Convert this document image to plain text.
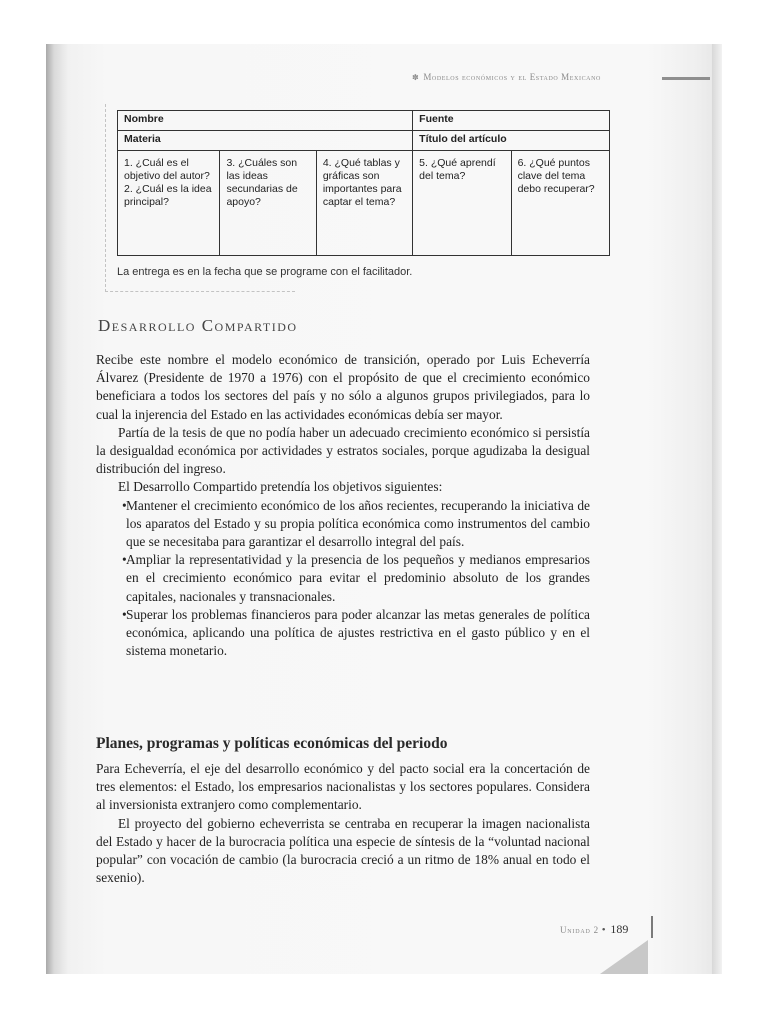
✽ Modelos económicos y el Estado Mexicano
Nombre			Fuente	
Materia			Título del artículo	

1. ¿Cuál es el objetivo del autor?
2. ¿Cuál es la idea principal?	3. ¿Cuáles son las ideas secundarias de apoyo?	4. ¿Qué tablas y gráficas son importantes para captar el tema?	5. ¿Qué aprendí del tema?	6. ¿Qué puntos clave del tema debo recuperar?
La entrega es en la fecha que se programe con el facilitador.
Desarrollo Compartido

Recibe este nombre el modelo económico de transición, operado por Luis Echeverría Álvarez (Presidente de 1970 a 1976) con el propósito de que el crecimiento económico beneficiara a todos los sectores del país y no sólo a algunos grupos privilegiados, para lo cual la injerencia del Estado en las actividades económicas debía ser mayor.

Partía de la tesis de que no podía haber un adecuado crecimiento económico si persistía la desigualdad económica por actividades y estratos sociales, porque agudizaba la desigual distribución del ingreso.

El Desarrollo Compartido pretendía los objetivos siguientes:

• Mantener el crecimiento económico de los años recientes, recuperando la iniciativa de los aparatos del Estado y su propia política económica como instrumentos del cambio que se necesitaba para garantizar el desarrollo integral del país.
• Ampliar la representatividad y la presencia de los pequeños y medianos empresarios en el crecimiento económico para evitar el predominio absoluto de los grandes capitales, nacionales y transnacionales.
• Superar los problemas financieros para poder alcanzar las metas generales de política económica, aplicando una política de ajustes restrictiva en el gasto público y en el sistema monetario.
Planes, programas y políticas económicas del periodo

Para Echeverría, el eje del desarrollo económico y del pacto social era la concertación de tres elementos: el Estado, los empresarios nacionalistas y los sectores populares. Considera al inversionista extranjero como complementario.

El proyecto del gobierno echeverrista se centraba en recuperar la imagen nacionalista del Estado y hacer de la burocracia política una especie de síntesis de la “voluntad nacional popular” con vocación de cambio (la burocracia creció a un ritmo de 18% anual en todo el sexenio).

Unidad 2 • 189
